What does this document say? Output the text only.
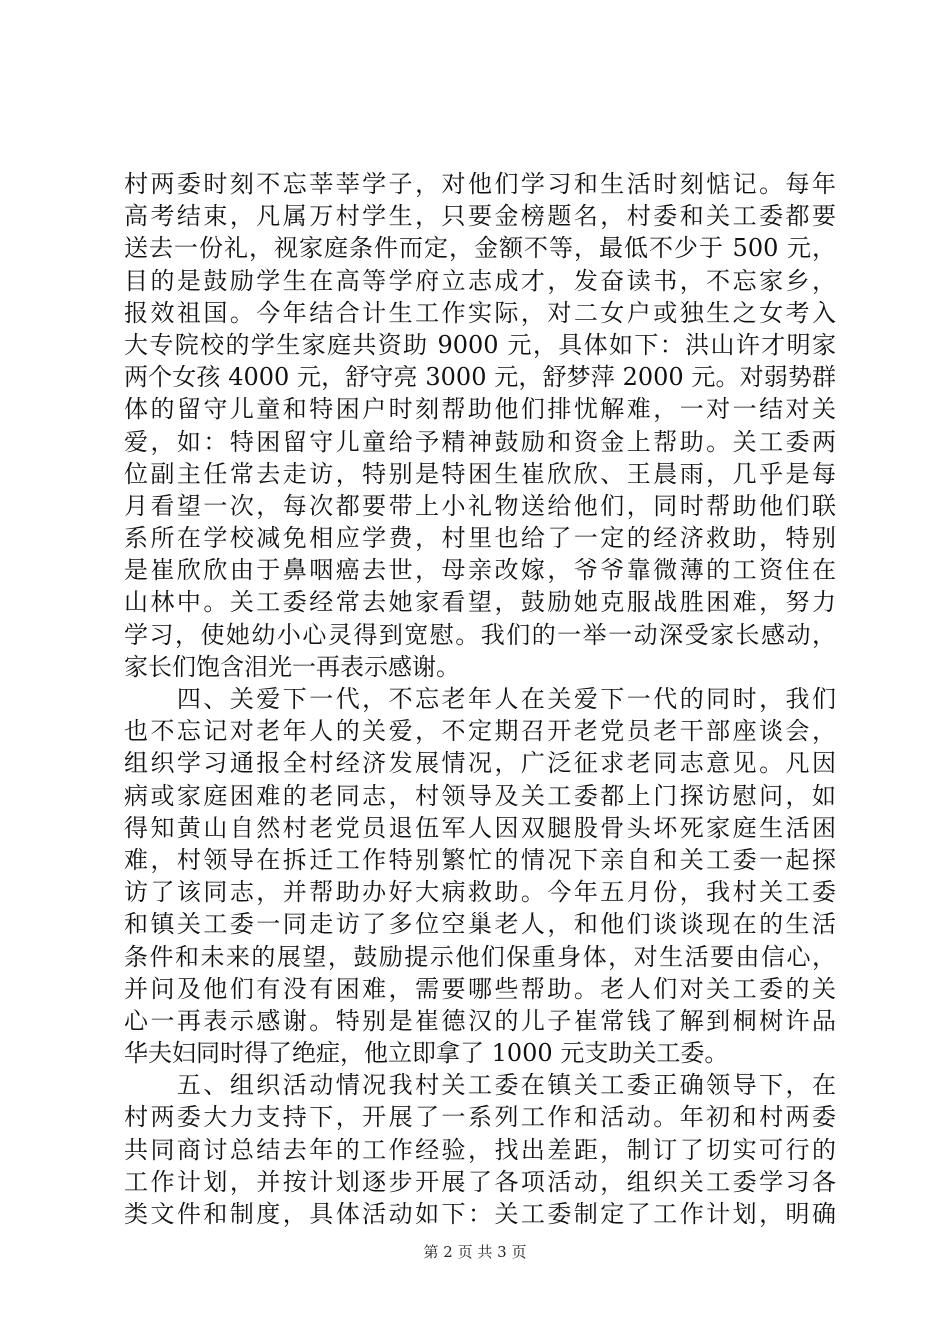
村两委时刻不忘莘莘学子，对他们学习和生活时刻惦记。每年
高考结束，凡属万村学生，只要金榜题名，村委和关工委都要
送去一份礼，视家庭条件而定，金额不等，最低不少于 500 元，
目的是鼓励学生在高等学府立志成才，发奋读书，不忘家乡，
报效祖国。今年结合计生工作实际，对二女户或独生之女考入
大专院校的学生家庭共资助 9000 元，具体如下：洪山许才明家
两个女孩 4000 元，舒守亮 3000 元，舒梦萍 2000 元。对弱势群
体的留守儿童和特困户时刻帮助他们排忧解难，一对一结对关
爱，如：特困留守儿童给予精神鼓励和资金上帮助。关工委两
位副主任常去走访，特别是特困生崔欣欣、王晨雨，几乎是每
月看望一次，每次都要带上小礼物送给他们，同时帮助他们联
系所在学校减免相应学费，村里也给了一定的经济救助，特别
是崔欣欣由于鼻咽癌去世，母亲改嫁，爷爷靠微薄的工资住在
山林中。关工委经常去她家看望，鼓励她克服战胜困难，努力
学习，使她幼小心灵得到宽慰。我们的一举一动深受家长感动，
家长们饱含泪光一再表示感谢。
　　四、关爱下一代，不忘老年人在关爱下一代的同时，我们
也不忘记对老年人的关爱，不定期召开老党员老干部座谈会，
组织学习通报全村经济发展情况，广泛征求老同志意见。凡因
病或家庭困难的老同志，村领导及关工委都上门探访慰问，如
得知黄山自然村老党员退伍军人因双腿股骨头坏死家庭生活困
难，村领导在拆迁工作特别繁忙的情况下亲自和关工委一起探
访了该同志，并帮助办好大病救助。今年五月份，我村关工委
和镇关工委一同走访了多位空巢老人，和他们谈谈现在的生活
条件和未来的展望，鼓励提示他们保重身体，对生活要由信心，
并问及他们有没有困难，需要哪些帮助。老人们对关工委的关
心一再表示感谢。特别是崔德汉的儿子崔常钱了解到桐树许品
华夫妇同时得了绝症，他立即拿了 1000 元支助关工委。
　　五、组织活动情况我村关工委在镇关工委正确领导下，在
村两委大力支持下，开展了一系列工作和活动。年初和村两委
共同商讨总结去年的工作经验，找出差距，制订了切实可行的
工作计划，并按计划逐步开展了各项活动，组织关工委学习各
类文件和制度，具体活动如下：关工委制定了工作计划，明确
第 2 页 共 3 页
